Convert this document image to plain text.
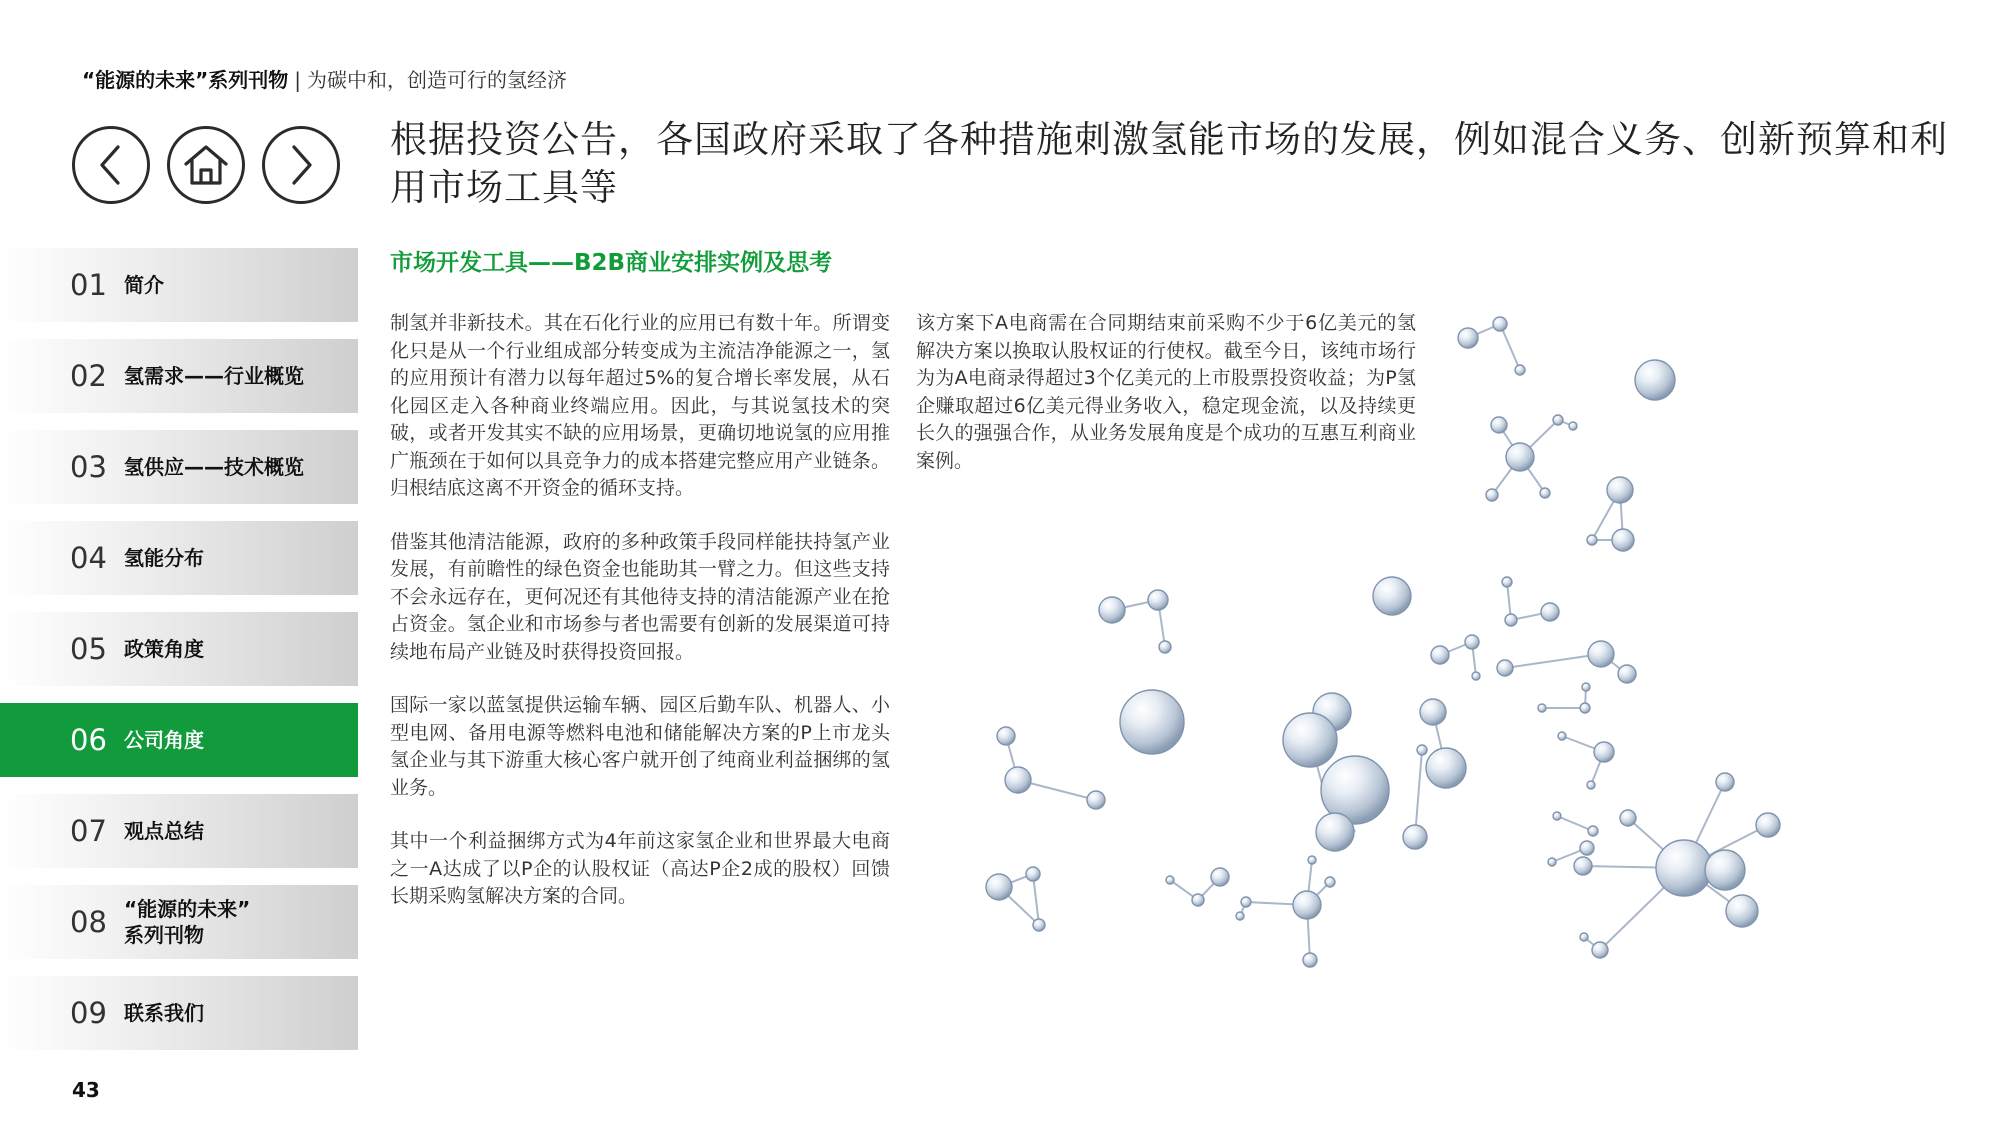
“能源的未来”系列刊物 | 为碳中和，创造可行的氢经济
根据投资公告，各国政府采取了各种措施刺激氢能市场的发展，例如混合义务、创新预算和利用市场工具等
01 简介
02 氢需求——行业概览
03 氢供应——技术概览
04 氢能分布
05 政策角度
06 公司角度
07 观点总结
08 “能源的未来”
系列刊物
09 联系我们
市场开发工具——B2B商业安排实例及思考

制氢并非新技术。其在石化行业的应用已有数十年。所谓变化只是从一个行业组成部分转变成为主流洁净能源之一，氢的应用预计有潜力以每年超过5%的复合增长率发展，从石化园区走入各种商业终端应用。因此，与其说氢技术的突破，或者开发其实不缺的应用场景，更确切地说氢的应用推广瓶颈在于如何以具竞争力的成本搭建完整应用产业链条。归根结底这离不开资金的循环支持。

借鉴其他清洁能源，政府的多种政策手段同样能扶持氢产业发展，有前瞻性的绿色资金也能助其一臂之力。但这些支持不会永远存在，更何况还有其他待支持的清洁能源产业在抢占资金。氢企业和市场参与者也需要有创新的发展渠道可持续地布局产业链及时获得投资回报。

国际一家以蓝氢提供运输车辆、园区后勤车队、机器人、小型电网、备用电源等燃料电池和储能解决方案的P上市龙头氢企业与其下游重大核心客户就开创了纯商业利益捆绑的氢业务。

其中一个利益捆绑方式为4年前这家氢企业和世界最大电商之一A达成了以P企的认股权证（高达P企2成的股权）回馈长期采购氢解决方案的合同。

该方案下A电商需在合同期结束前采购不少于6亿美元的氢解决方案以换取认股权证的行使权。截至今日，该纯市场行为为A电商录得超过3个亿美元的上市股票投资收益；为P氢企赚取超过6亿美元得业务收入，稳定现金流，以及持续更长久的强强合作，从业务发展角度是个成功的互惠互利商业案例。

43
